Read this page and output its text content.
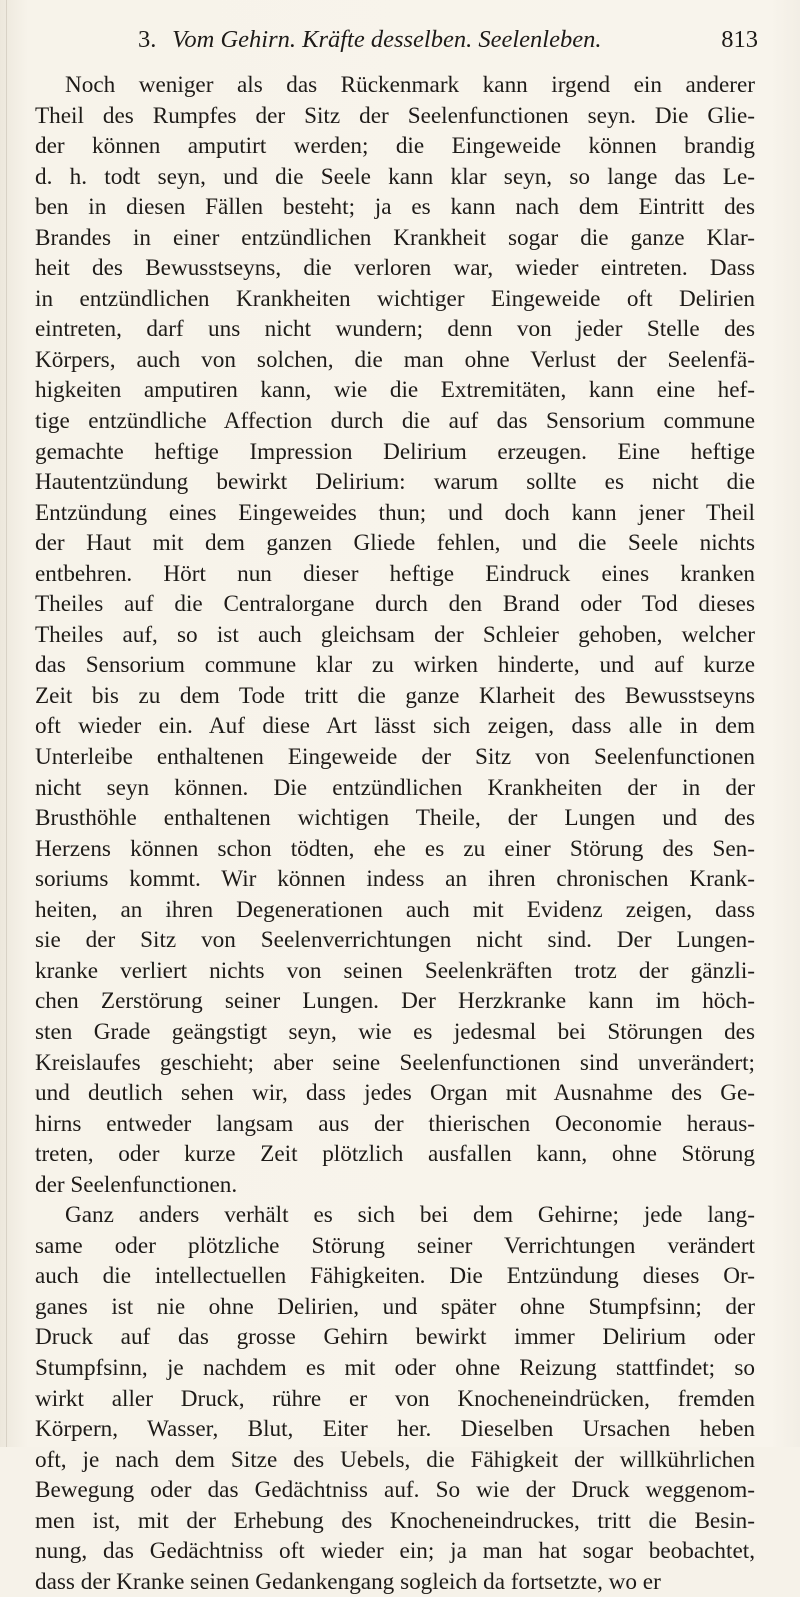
3. Vom Gehirn. Kräfte desselben. Seelenleben.	813
Noch weniger als das Rückenmark kann irgend ein anderer
Theil des Rumpfes der Sitz der Seelenfunctionen seyn. Die Glie-
der können amputirt werden; die Eingeweide können brandig
d. h. todt seyn, und die Seele kann klar seyn, so lange das Le-
ben in diesen Fällen besteht; ja es kann nach dem Eintritt des
Brandes in einer entzündlichen Krankheit sogar die ganze Klar-
heit des Bewusstseyns, die verloren war, wieder eintreten. Dass
in entzündlichen Krankheiten wichtiger Eingeweide oft Delirien
eintreten, darf uns nicht wundern; denn von jeder Stelle des
Körpers, auch von solchen, die man ohne Verlust der Seelenfä-
higkeiten amputiren kann, wie die Extremitäten, kann eine hef-
tige entzündliche Affection durch die auf das Sensorium commune
gemachte heftige Impression Delirium erzeugen. Eine heftige
Hautentzündung bewirkt Delirium: warum sollte es nicht die
Entzündung eines Eingeweides thun; und doch kann jener Theil
der Haut mit dem ganzen Gliede fehlen, und die Seele nichts
entbehren. Hört nun dieser heftige Eindruck eines kranken
Theiles auf die Centralorgane durch den Brand oder Tod dieses
Theiles auf, so ist auch gleichsam der Schleier gehoben, welcher
das Sensorium commune klar zu wirken hinderte, und auf kurze
Zeit bis zu dem Tode tritt die ganze Klarheit des Bewusstseyns
oft wieder ein. Auf diese Art lässt sich zeigen, dass alle in dem
Unterleibe enthaltenen Eingeweide der Sitz von Seelenfunctionen
nicht seyn können. Die entzündlichen Krankheiten der in der
Brusthöhle enthaltenen wichtigen Theile, der Lungen und des
Herzens können schon tödten, ehe es zu einer Störung des Sen-
soriums kommt. Wir können indess an ihren chronischen Krank-
heiten, an ihren Degenerationen auch mit Evidenz zeigen, dass
sie der Sitz von Seelenverrichtungen nicht sind. Der Lungen-
kranke verliert nichts von seinen Seelenkräften trotz der gänzli-
chen Zerstörung seiner Lungen. Der Herzkranke kann im höch-
sten Grade geängstigt seyn, wie es jedesmal bei Störungen des
Kreislaufes geschieht; aber seine Seelenfunctionen sind unverändert;
und deutlich sehen wir, dass jedes Organ mit Ausnahme des Ge-
hirns entweder langsam aus der thierischen Oeconomie heraus-
treten, oder kurze Zeit plötzlich ausfallen kann, ohne Störung
der Seelenfunctionen.
Ganz anders verhält es sich bei dem Gehirne; jede lang-
same oder plötzliche Störung seiner Verrichtungen verändert
auch die intellectuellen Fähigkeiten. Die Entzündung dieses Or-
ganes ist nie ohne Delirien, und später ohne Stumpfsinn; der
Druck auf das grosse Gehirn bewirkt immer Delirium oder
Stumpfsinn, je nachdem es mit oder ohne Reizung stattfindet; so
wirkt aller Druck, rühre er von Knocheneindrücken, fremden
Körpern, Wasser, Blut, Eiter her. Dieselben Ursachen heben
oft, je nach dem Sitze des Uebels, die Fähigkeit der willkührlichen
Bewegung oder das Gedächtniss auf. So wie der Druck weggenom-
men ist, mit der Erhebung des Knocheneindruckes, tritt die Besin-
nung, das Gedächtniss oft wieder ein; ja man hat sogar beobachtet,
dass der Kranke seinen Gedankengang sogleich da fortsetzte, wo er
